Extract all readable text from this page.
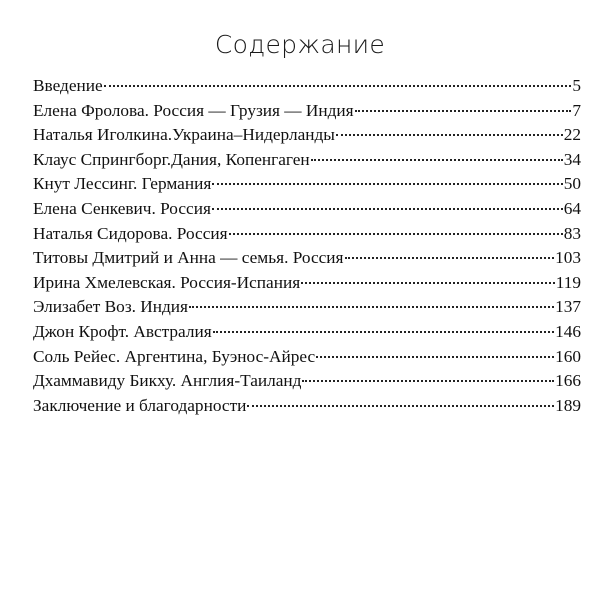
Содержание
Введение	5
Елена Фролова. Россия — Грузия — Индия	7
Наталья Иголкина.Украина–Нидерланды	22
Клаус Спрингборг.Дания, Копенгаген	34
Кнут Лессинг. Германия	50
Елена Сенкевич. Россия	64
Наталья Сидорова. Россия	83
Титовы Дмитрий и Анна — семья. Россия	103
Ирина Хмелевская. Россия-Испания	119
Элизабет Воз. Индия	137
Джон Крофт. Австралия	146
Соль Рейес. Аргентина, Буэнос-Айрес	160
Дхаммавиду Бикху. Англия-Таиланд	166
Заключение и благодарности	189
